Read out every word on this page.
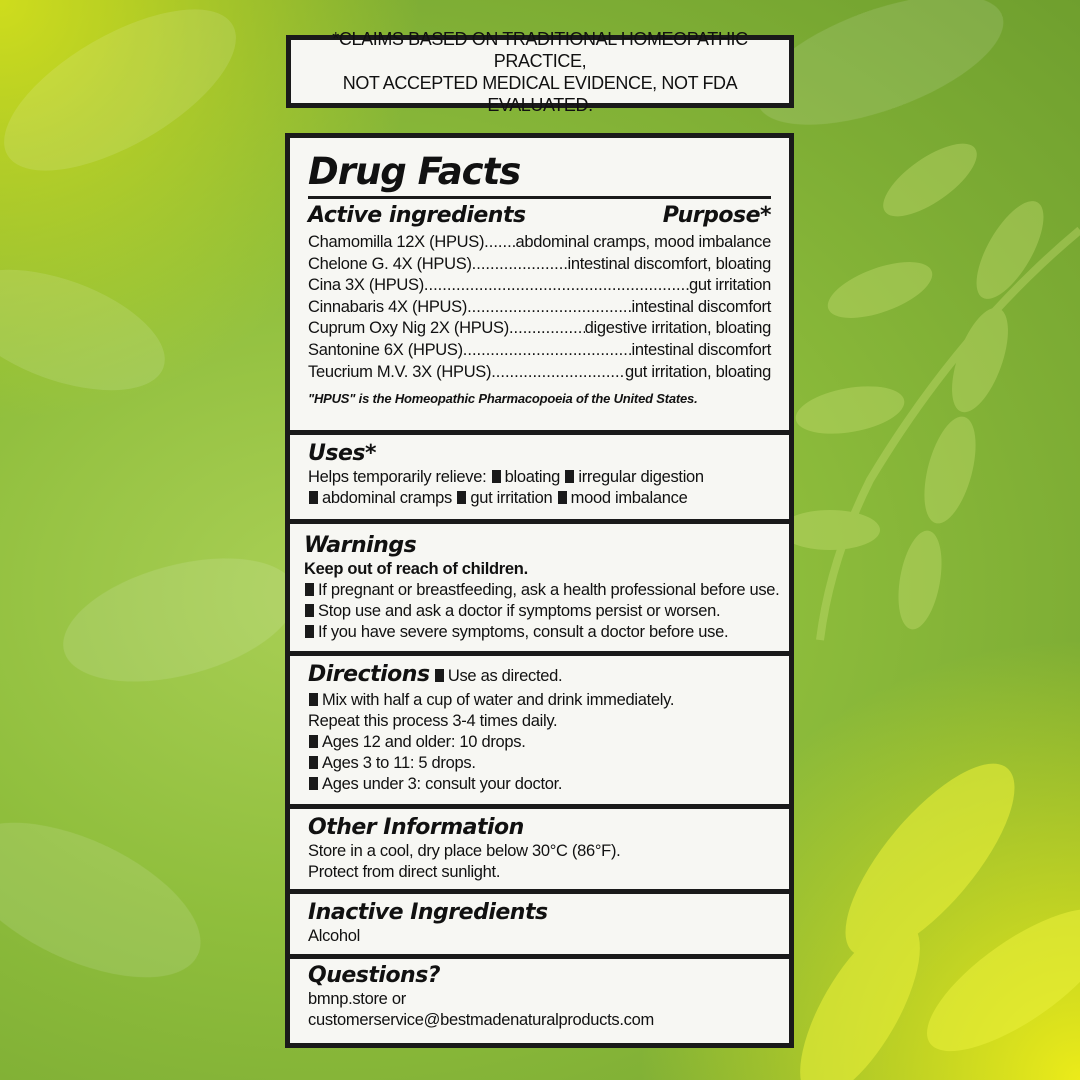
*CLAIMS BASED ON TRADITIONAL HOMEOPATHIC PRACTICE,
NOT ACCEPTED MEDICAL EVIDENCE, NOT FDA EVALUATED.
Drug Facts
Active ingredients	Purpose*
Chamomilla 12X (HPUS) ..... abdominal cramps, mood imbalance
Chelone G. 4X (HPUS) .....	intestinal discomfort, bloating
Cina 3X (HPUS) .....	gut irritation
Cinnabaris 4X (HPUS) .....	intestinal discomfort
Cuprum Oxy Nig 2X (HPUS) .....	digestive irritation, bloating
Santonine 6X (HPUS) .....	intestinal discomfort
Teucrium M.V. 3X (HPUS) .....	gut irritation, bloating
"HPUS" is the Homeopathic Pharmacopoeia of the United States.
Uses*
Helps temporarily relieve: bloating irregular digestion
abdominal cramps gut irritation mood imbalance
Warnings
Keep out of reach of children.
If pregnant or breastfeeding, ask a health professional before use.
Stop use and ask a doctor if symptoms persist or worsen.
If you have severe symptoms, consult a doctor before use.
Directions Use as directed.
Mix with half a cup of water and drink immediately.
Repeat this process 3-4 times daily.
Ages 12 and older: 10 drops.
Ages 3 to 11: 5 drops.
Ages under 3: consult your doctor.
Other Information
Store in a cool, dry place below 30°C (86°F).
Protect from direct sunlight.
Inactive Ingredients
Alcohol
Questions?
bmnp.store or
customerservice@bestmadenaturalproducts.com
